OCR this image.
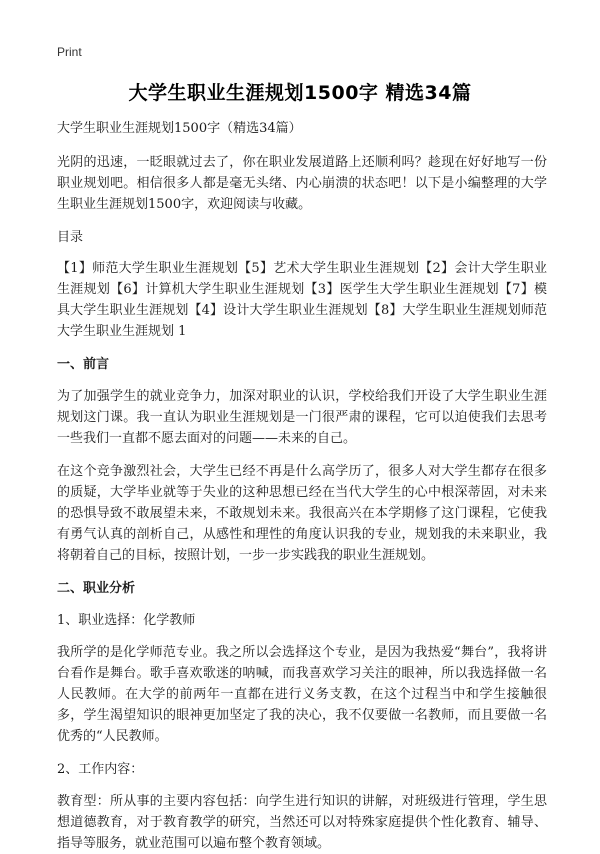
Print
大学生职业生涯规划1500字 精选34篇

大学生职业生涯规划1500字（精选34篇）

光阴的迅速，一眨眼就过去了，你在职业发展道路上还顺利吗？趁现在好好地写一份职业规划吧。相信很多人都是毫无头绪、内心崩溃的状态吧！以下是小编整理的大学生职业生涯规划1500字，欢迎阅读与收藏。

目录

【1】师范大学生职业生涯规划【5】艺术大学生职业生涯规划【2】会计大学生职业生涯规划【6】计算机大学生职业生涯规划【3】医学生大学生职业生涯规划【7】模具大学生职业生涯规划【4】设计大学生职业生涯规划【8】大学生职业生涯规划师范大学生职业生涯规划 1

一、前言

为了加强学生的就业竞争力，加深对职业的认识，学校给我们开设了大学生职业生涯规划这门课。我一直认为职业生涯规划是一门很严肃的课程，它可以迫使我们去思考一些我们一直都不愿去面对的问题——未来的自己。

在这个竞争激烈社会，大学生已经不再是什么高学历了，很多人对大学生都存在很多的质疑，大学毕业就等于失业的这种思想已经在当代大学生的心中根深蒂固，对未来的恐惧导致不敢展望未来，不敢规划未来。我很高兴在本学期修了这门课程，它使我有勇气认真的剖析自己，从感性和理性的角度认识我的专业，规划我的未来职业，我将朝着自己的目标，按照计划，一步一步实践我的职业生涯规划。

二、职业分析

1、职业选择：化学教师

我所学的是化学师范专业。我之所以会选择这个专业，是因为我热爱“舞台”，我将讲台看作是舞台。歌手喜欢歌迷的呐喊，而我喜欢学习关注的眼神，所以我选择做一名人民教师。在大学的前两年一直都在进行义务支教，在这个过程当中和学生接触很多，学生渴望知识的眼神更加坚定了我的决心，我不仅要做一名教师，而且要做一名优秀的“人民教师。

2、工作内容：

教育型：所从事的主要内容包括：向学生进行知识的讲解，对班级进行管理，学生思想道德教育，对于教育教学的研究，当然还可以对特殊家庭提供个性化教育、辅导、指导等服务，就业范围可以遍布整个教育领域。
